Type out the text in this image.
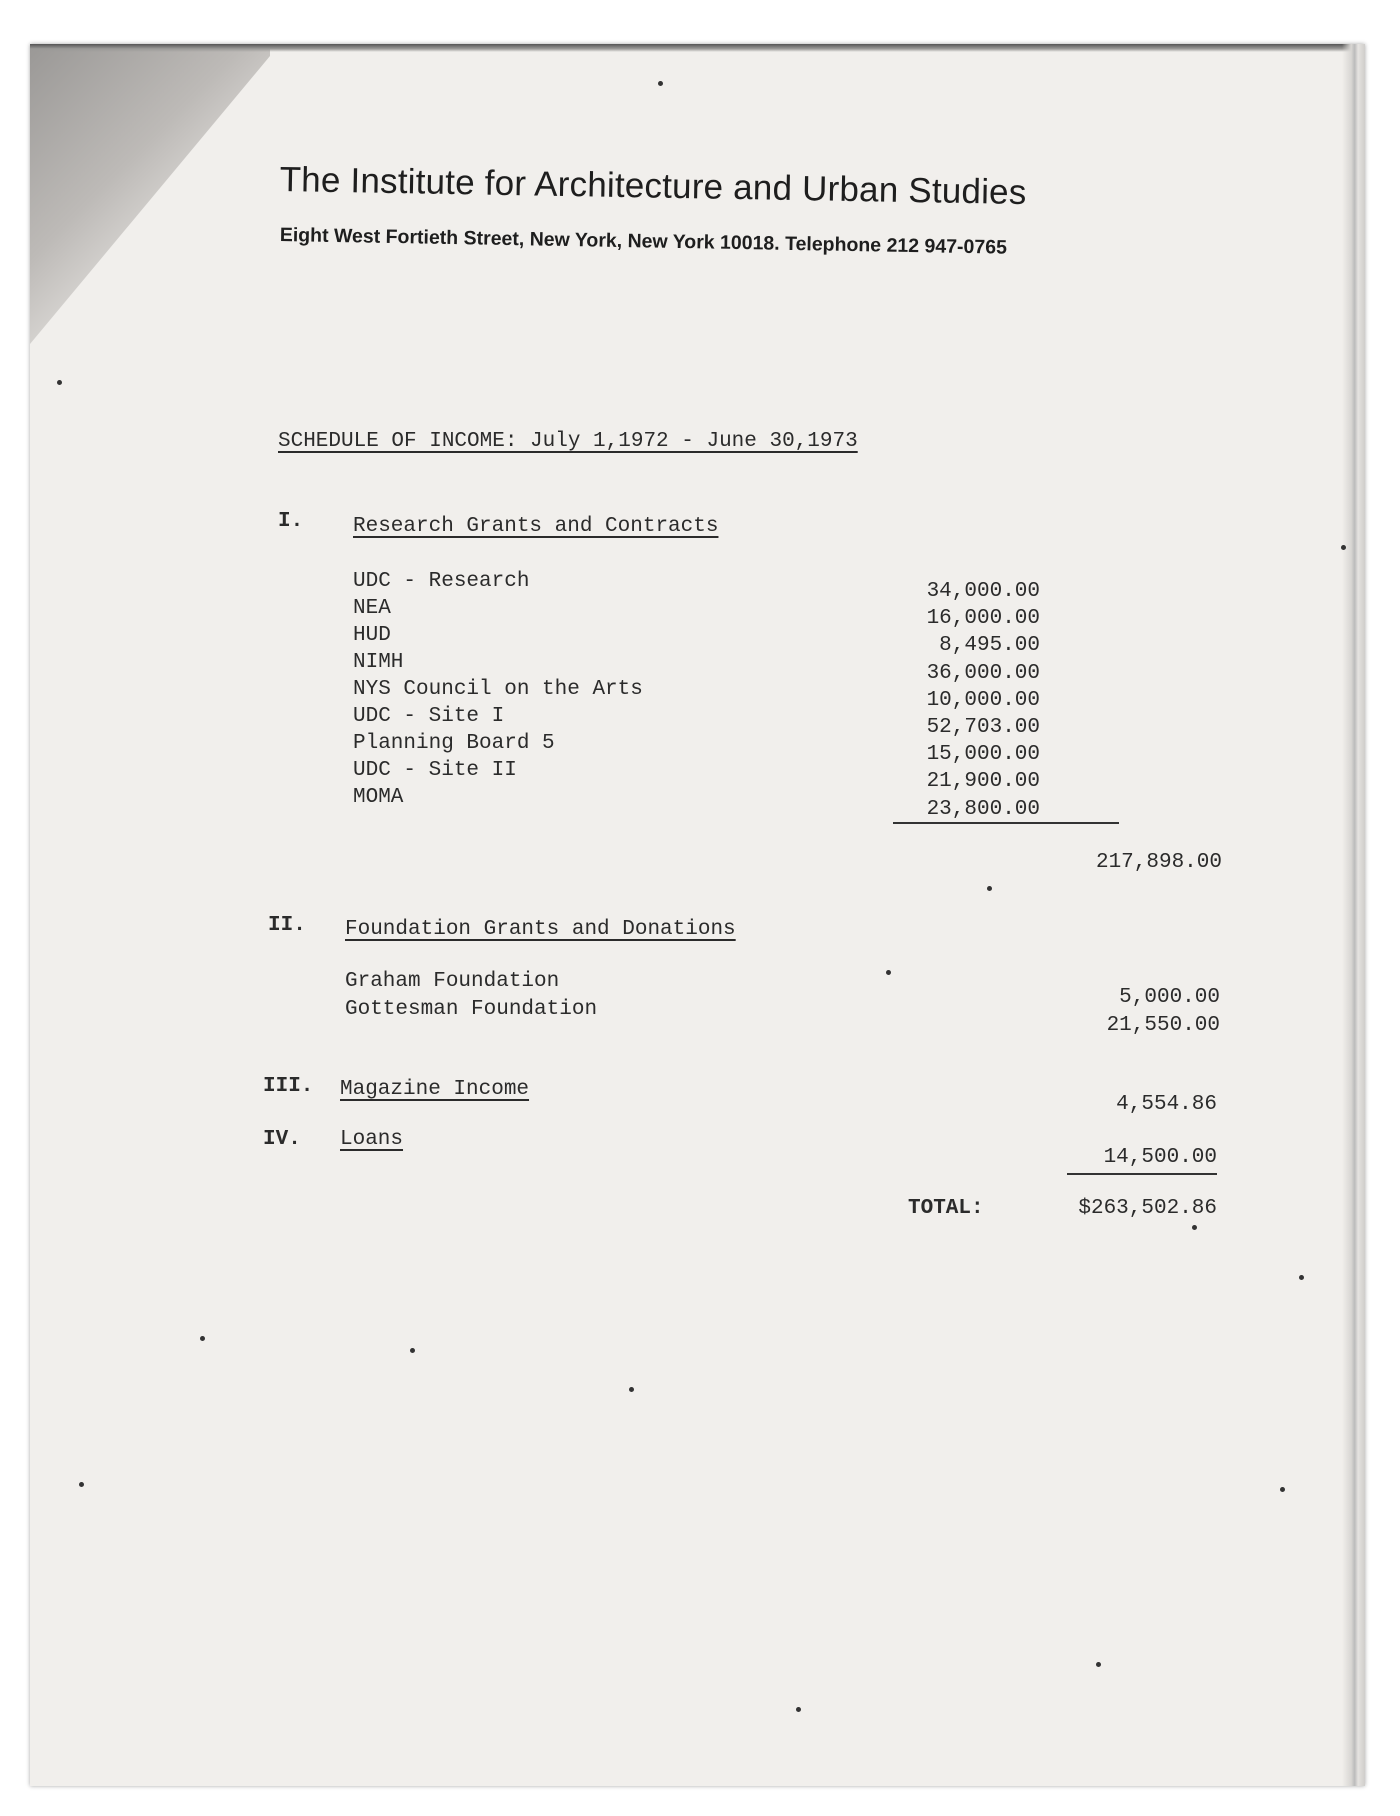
The Institute for Architecture and Urban Studies
Eight West Fortieth Street, New York, New York 10018. Telephone 212 947-0765
SCHEDULE OF INCOME: July 1,1972 - June 30,1973
I. Research Grants and Contracts
UDC - Research
NEA
HUD
NIMH
NYS Council on the Arts
UDC - Site I
Planning Board 5
UDC - Site II
MOMA
34,000.00
16,000.00
8,495.00
36,000.00
10,000.00
52,703.00
15,000.00
21,900.00
23,800.00
217,898.00
II. Foundation Grants and Donations
Graham Foundation
Gottesman Foundation
5,000.00
21,550.00
III. Magazine Income
4,554.86
IV. Loans
14,500.00
TOTAL:	$263,502.86
